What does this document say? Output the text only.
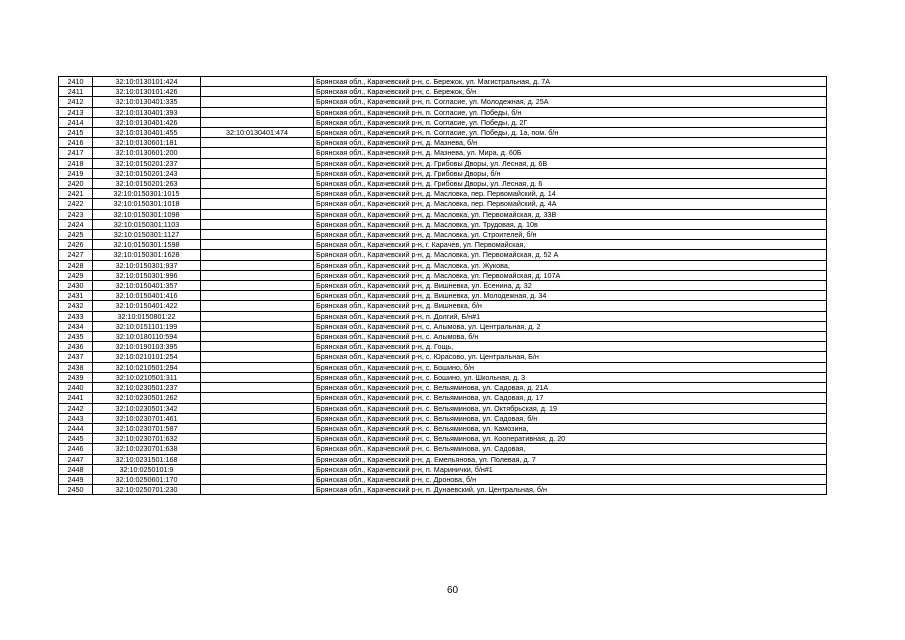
2410	32:10:0130101:424		Брянская обл., Карачевский р-н, с. Бережок, ул. Магистральная, д. 7А
2411	32:10:0130101:426		Брянская обл., Карачевский р-н, с. Бережок, б/н
2412	32:10:0130401:335		Брянская обл., Карачевский р-н, п. Согласие, ул. Молодежная, д. 25А
2413	32:10:0130401:393		Брянская обл., Карачевский р-н, п. Согласие, ул. Победы, б/н
2414	32:10:0130401:426		Брянская обл., Карачевский р-н, п. Согласие, ул. Победы, д. 2Г
2415	32:10:0130401:455	32:10:0130401:474	Брянская обл., Карачевский р-н, п. Согласие, ул. Победы, д. 1а, пом. б/н
2416	32:10:0130601:181		Брянская обл., Карачевский р-н, д. Мазнева, б/н
2417	32:10:0130601:200		Брянская обл., Карачевский р-н, д. Мазнева, ул. Мира, д. 60Б
2418	32:10:0150201:237		Брянская обл., Карачевский р-н, д. Грибовы Дворы, ул. Лесная, д. 6В
2419	32:10:0150201:243		Брянская обл., Карачевский р-н, д. Грибовы Дворы, б/н
2420	32:10:0150201:263		Брянская обл., Карачевский р-н, д. Грибовы Дворы, ул. Лесная, д. 6
2421	32:10:0150301:1015		Брянская обл., Карачевский р-н, д. Масловка, пер. Первомайский, д. 14
2422	32:10:0150301:1018		Брянская обл., Карачевский р-н, д. Масловка, пер. Первомайский, д. 4А
2423	32:10:0150301:1098		Брянская обл., Карачевский р-н, д. Масловка, ул. Первомайская, д. 33В
2424	32:10:0150301:1103		Брянская обл., Карачевский р-н, д. Масловка, ул. Трудовая, д. 10в
2425	32:10:0150301:1127		Брянская обл., Карачевский р-н, д. Масловка, ул. Строителей, б/н
2426	32:10:0150301:1598		Брянская обл., Карачевский р-н, г. Карачев, ул. Первомайская,
2427	32:10:0150301:1628		Брянская обл., Карачевский р-н, д. Масловка, ул. Первомайская, д. 52 А
2428	32:10:0150301:937		Брянская обл., Карачевский р-н, д. Масловка, ул. Жукова,
2429	32:10:0150301:996		Брянская обл., Карачевский р-н, д. Масловка, ул. Первомайская, д. 107А
2430	32:10:0150401:357		Брянская обл., Карачевский р-н, д. Вишневка, ул. Есенина, д. 32
2431	32:10:0150401:416		Брянская обл., Карачевский р-н, д. Вишневка, ул. Молодежная, д. 34
2432	32:10:0150401:422		Брянская обл., Карачевский р-н, д. Вишневка, б/н
2433	32:10:0150801:22		Брянская обл., Карачевский р-н, п. Долгий, Б/н#1
2434	32:10:0151101:199		Брянская обл., Карачевский р-н, с. Алымова, ул. Центральная, д. 2
2435	32:10:0180110:594		Брянская обл., Карачевский р-н, с. Алымова, б/н
2436	32:10:0190103:395		Брянская обл., Карачевский р-н, д. Гощь,
2437	32:10:0210101:254		Брянская обл., Карачевский р-н, с. Юрасово, ул. Центральная, Б/н
2438	32:10:0210501:294		Брянская обл., Карачевский р-н, с. Бошино, б/н
2439	32:10:0210501:311		Брянская обл., Карачевский р-н, с. Бошино, ул. Школьная, д. 3
2440	32:10:0230501:237		Брянская обл., Карачевский р-н, с. Вельяминова, ул. Садовая, д. 21А
2441	32:10:0230501:262		Брянская обл., Карачевский р-н, с. Вельяминова, ул. Садовая, д. 17
2442	32:10:0230501:342		Брянская обл., Карачевский р-н, с. Вельяминова, ул. Октябрьская, д. 19
2443	32:10:0230701:461		Брянская обл., Карачевский р-н, с. Вельяминова, ул. Садовая, б/н
2444	32:10:0230701:587		Брянская обл., Карачевский р-н, с. Вельяминова, ул. Камозина,
2445	32:10:0230701:632		Брянская обл., Карачевский р-н, с. Вельяминова, ул. Кооперативная, д. 20
2446	32:10:0230701:638		Брянская обл., Карачевский р-н, с. Вельяминова, ул. Садовая,
2447	32:10:0231501:168		Брянская обл., Карачевский р-н, д. Емельянова, ул. Полевая, д. 7
2448	32:10:0250101:9		Брянская обл., Карачевский р-н, п. Маринички, б/н#1
2449	32:10:0250601:170		Брянская обл., Карачевский р-н, с. Дронова, б/н
2450	32:10:0250701:230		Брянская обл., Карачевский р-н, п. Дунаевский, ул. Центральная, б/н
60
